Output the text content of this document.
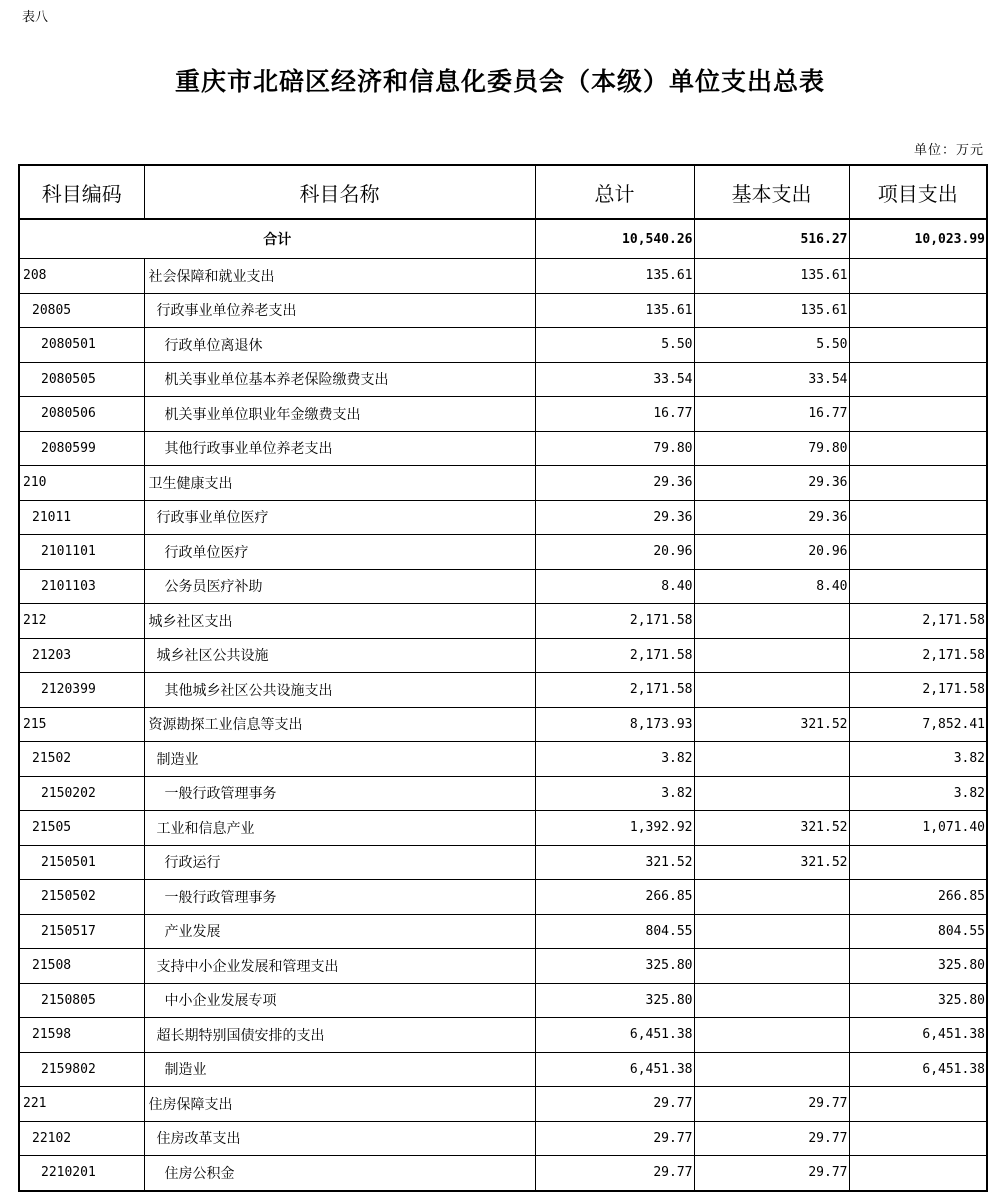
表八
重庆市北碚区经济和信息化委员会（本级）单位支出总表
单位：万元
科目编码	科目名称	总计	基本支出	项目支出
合计		10,540.26	516.27	10,023.99
208	社会保障和就业支出	135.61	135.61	
20805	行政事业单位养老支出	135.61	135.61	
2080501	行政单位离退休	5.50	5.50	
2080505	机关事业单位基本养老保险缴费支出	33.54	33.54	
2080506	机关事业单位职业年金缴费支出	16.77	16.77	
2080599	其他行政事业单位养老支出	79.80	79.80	
210	卫生健康支出	29.36	29.36	
21011	行政事业单位医疗	29.36	29.36	
2101101	行政单位医疗	20.96	20.96	
2101103	公务员医疗补助	8.40	8.40	
212	城乡社区支出	2,171.58		2,171.58
21203	城乡社区公共设施	2,171.58		2,171.58
2120399	其他城乡社区公共设施支出	2,171.58		2,171.58
215	资源勘探工业信息等支出	8,173.93	321.52	7,852.41
21502	制造业	3.82		3.82
2150202	一般行政管理事务	3.82		3.82
21505	工业和信息产业	1,392.92	321.52	1,071.40
2150501	行政运行	321.52	321.52	
2150502	一般行政管理事务	266.85		266.85
2150517	产业发展	804.55		804.55
21508	支持中小企业发展和管理支出	325.80		325.80
2150805	中小企业发展专项	325.80		325.80
21598	超长期特别国债安排的支出	6,451.38		6,451.38
2159802	制造业	6,451.38		6,451.38
221	住房保障支出	29.77	29.77	
22102	住房改革支出	29.77	29.77	
2210201	住房公积金	29.77	29.77	
